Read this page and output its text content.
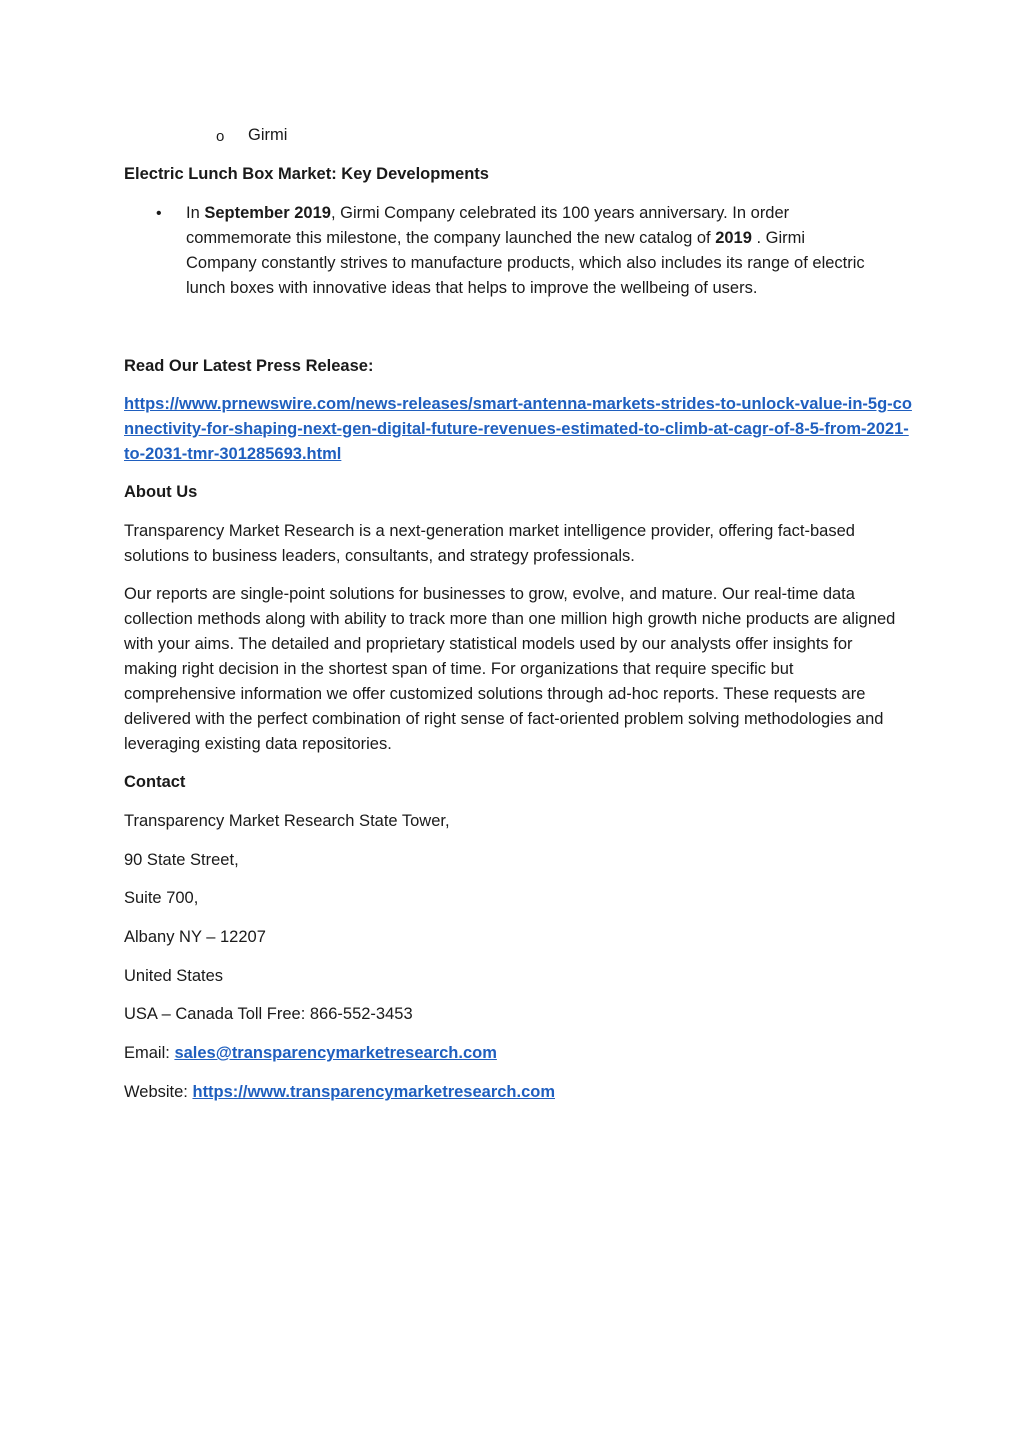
o Girmi
Electric Lunch Box Market: Key Developments
• In September 2019, Girmi Company celebrated its 100 years anniversary. In order commemorate this milestone, the company launched the new catalog of 2019 . Girmi Company constantly strives to manufacture products, which also includes its range of electric lunch boxes with innovative ideas that helps to improve the wellbeing of users.
Read Our Latest Press Release:
https://www.prnewswire.com/news-releases/smart-antenna-markets-strides-to-unlock-value-in-5g-connectivity-for-shaping-next-gen-digital-future-revenues-estimated-to-climb-at-cagr-of-8-5-from-2021-to-2031-tmr-301285693.html
About Us
Transparency Market Research is a next-generation market intelligence provider, offering fact-based solutions to business leaders, consultants, and strategy professionals.
Our reports are single-point solutions for businesses to grow, evolve, and mature. Our real-time data collection methods along with ability to track more than one million high growth niche products are aligned with your aims. The detailed and proprietary statistical models used by our analysts offer insights for making right decision in the shortest span of time. For organizations that require specific but comprehensive information we offer customized solutions through ad-hoc reports. These requests are delivered with the perfect combination of right sense of fact-oriented problem solving methodologies and leveraging existing data repositories.
Contact
Transparency Market Research State Tower,
90 State Street,
Suite 700,
Albany NY – 12207
United States
USA – Canada Toll Free: 866-552-3453
Email: sales@transparencymarketresearch.com
Website: https://www.transparencymarketresearch.com
